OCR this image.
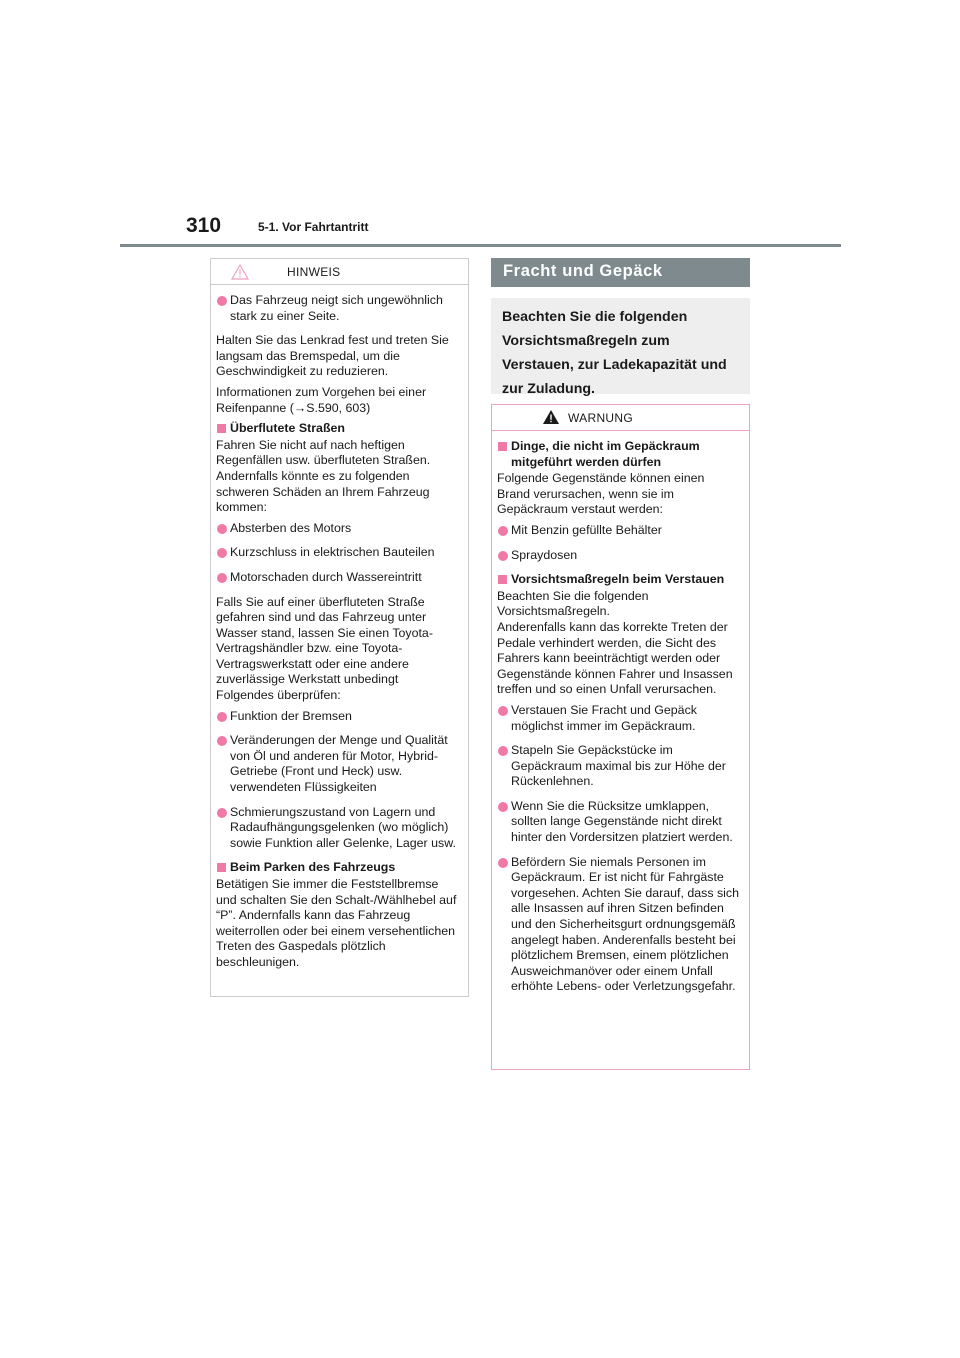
310	5-1. Vor Fahrtantritt
HINWEIS
Das Fahrzeug neigt sich ungewöhnlich stark zu einer Seite.

Halten Sie das Lenkrad fest und treten Sie langsam das Bremspedal, um die Geschwindigkeit zu reduzieren.

Informationen zum Vorgehen bei einer Reifenpanne (→S.590, 603)

Überflutete Straßen

Fahren Sie nicht auf nach heftigen Regenfällen usw. überfluteten Straßen. Andernfalls könnte es zu folgenden schweren Schäden an Ihrem Fahrzeug kommen:

Absterben des Motors
Kurzschluss in elektrischen Bauteilen
Motorschaden durch Wassereintritt

Falls Sie auf einer überfluteten Straße gefahren sind und das Fahrzeug unter Wasser stand, lassen Sie einen Toyota-Vertragshändler bzw. eine Toyota-Vertragswerkstatt oder eine andere zuverlässige Werkstatt unbedingt Folgendes überprüfen:

Funktion der Bremsen
Veränderungen der Menge und Qualität von Öl und anderen für Motor, Hybrid-Getriebe (Front und Heck) usw. verwendeten Flüssigkeiten
Schmierungszustand von Lagern und Radaufhängungsgelenken (wo möglich) sowie Funktion aller Gelenke, Lager usw.
Beim Parken des Fahrzeugs

Betätigen Sie immer die Feststellbremse und schalten Sie den Schalt-/Wählhebel auf “P”. Andernfalls kann das Fahrzeug weiterrollen oder bei einem versehentlichen Treten des Gaspedals plötzlich beschleunigen.

Fracht und Gepäck
Beachten Sie die folgenden Vorsichtsmaßregeln zum Verstauen, zur Ladekapazität und zur Zuladung.
WARNUNG
Dinge, die nicht im Gepäckraum mitgeführt werden dürfen

Folgende Gegenstände können einen Brand verursachen, wenn sie im Gepäckraum verstaut werden:

Mit Benzin gefüllte Behälter
Spraydosen
Vorsichtsmaßregeln beim Verstauen

Beachten Sie die folgenden Vorsichtsmaßregeln.

Anderenfalls kann das korrekte Treten der Pedale verhindert werden, die Sicht des Fahrers kann beeinträchtigt werden oder Gegenstände können Fahrer und Insassen treffen und so einen Unfall verursachen.

Verstauen Sie Fracht und Gepäck möglichst immer im Gepäckraum.
Stapeln Sie Gepäckstücke im Gepäckraum maximal bis zur Höhe der Rückenlehnen.
Wenn Sie die Rücksitze umklappen, sollten lange Gegenstände nicht direkt hinter den Vordersitzen platziert werden.
Befördern Sie niemals Personen im Gepäckraum. Er ist nicht für Fahrgäste vorgesehen. Achten Sie darauf, dass sich alle Insassen auf ihren Sitzen befinden und den Sicherheitsgurt ordnungsgemäß angelegt haben. Anderenfalls besteht bei plötzlichem Bremsen, einem plötzlichen Ausweichmanöver oder einem Unfall erhöhte Lebens- oder Verletzungsgefahr.
